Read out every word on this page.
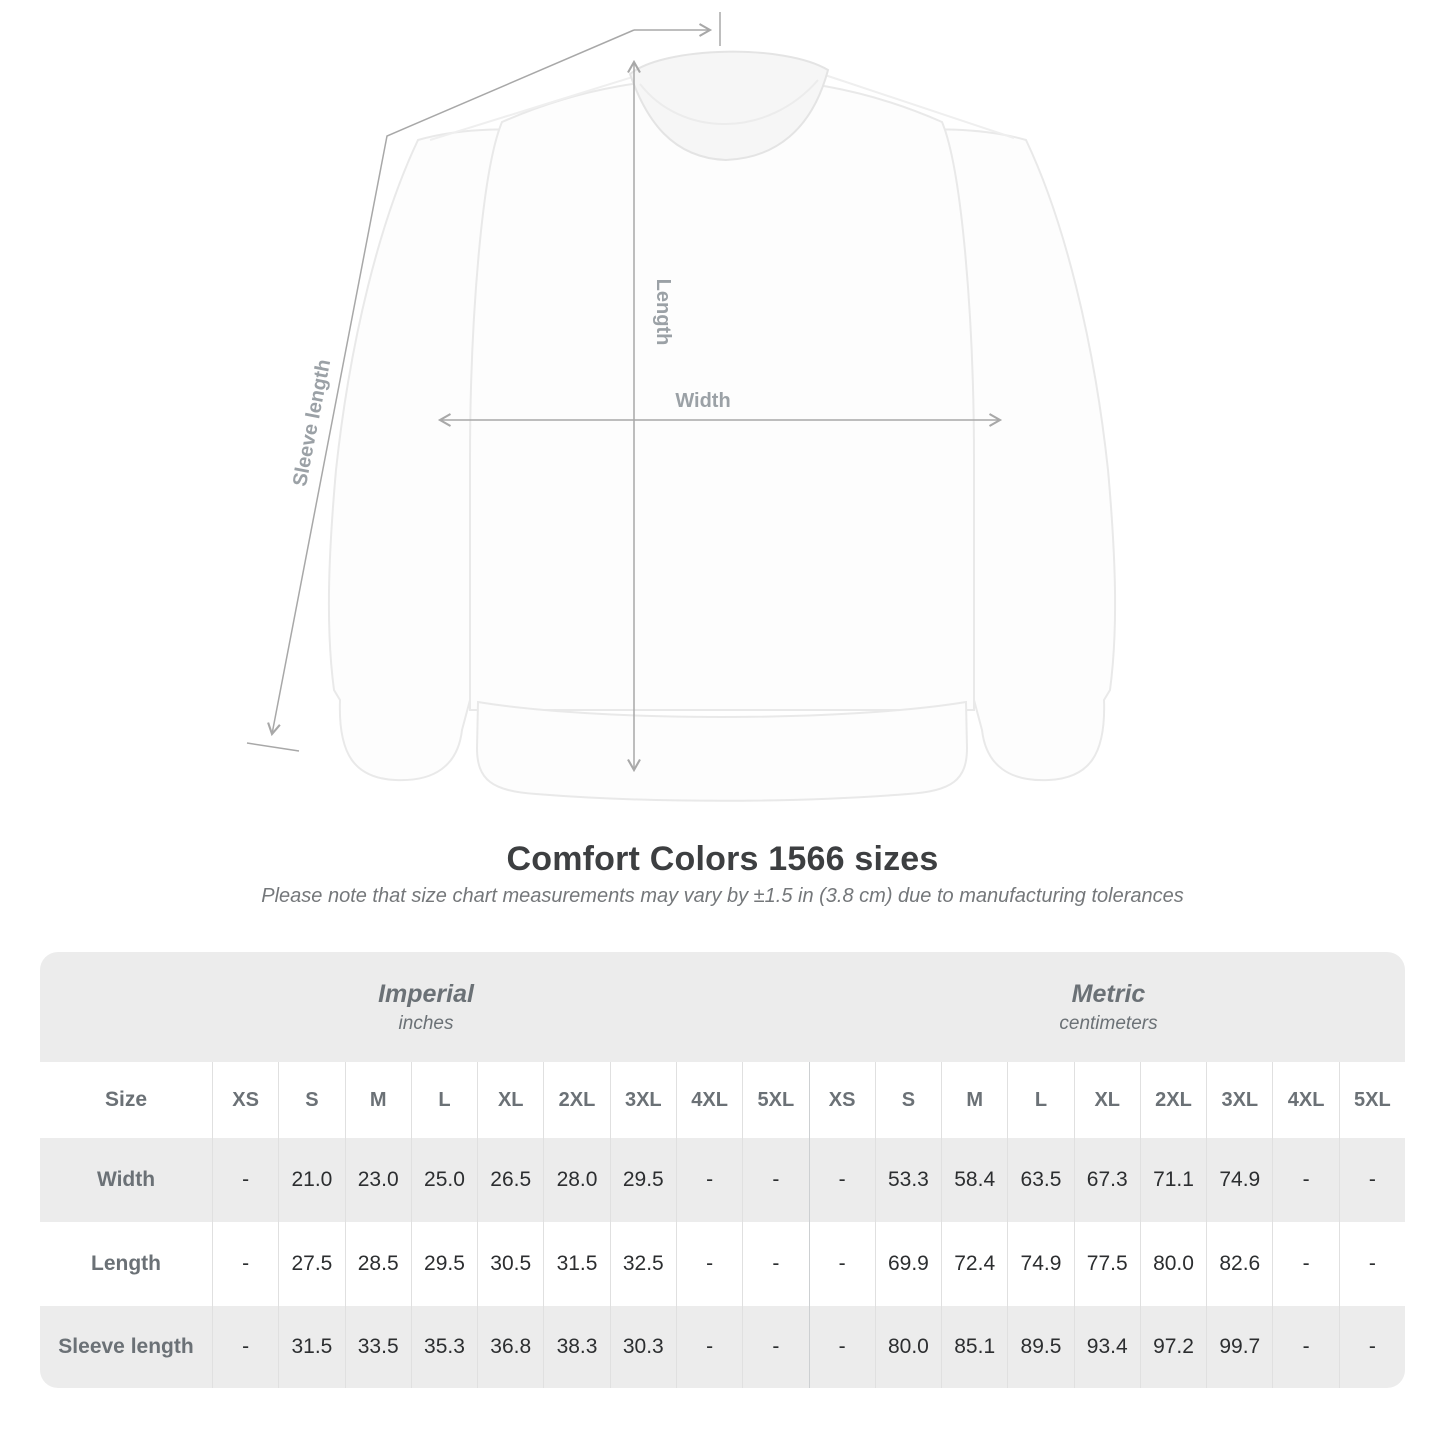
Width
Length
Sleeve length
Comfort Colors 1566 sizes

Please note that size chart measurements may vary by ±1.5 in (3.8 cm) due to manufacturing tolerances

Imperial
inches
Metric
centimeters
Size	XS	S	M	L	XL	2XL	3XL	4XL	5XL	XS	S	M	L	XL	2XL	3XL	4XL	5XL
Width	-	21.0	23.0	25.0	26.5	28.0	29.5	-	-	-	53.3	58.4	63.5	67.3	71.1	74.9	-	-
Length	-	27.5	28.5	29.5	30.5	31.5	32.5	-	-	-	69.9	72.4	74.9	77.5	80.0	82.6	-	-
Sleeve length	-	31.5	33.5	35.3	36.8	38.3	30.3	-	-	-	80.0	85.1	89.5	93.4	97.2	99.7	-	-
